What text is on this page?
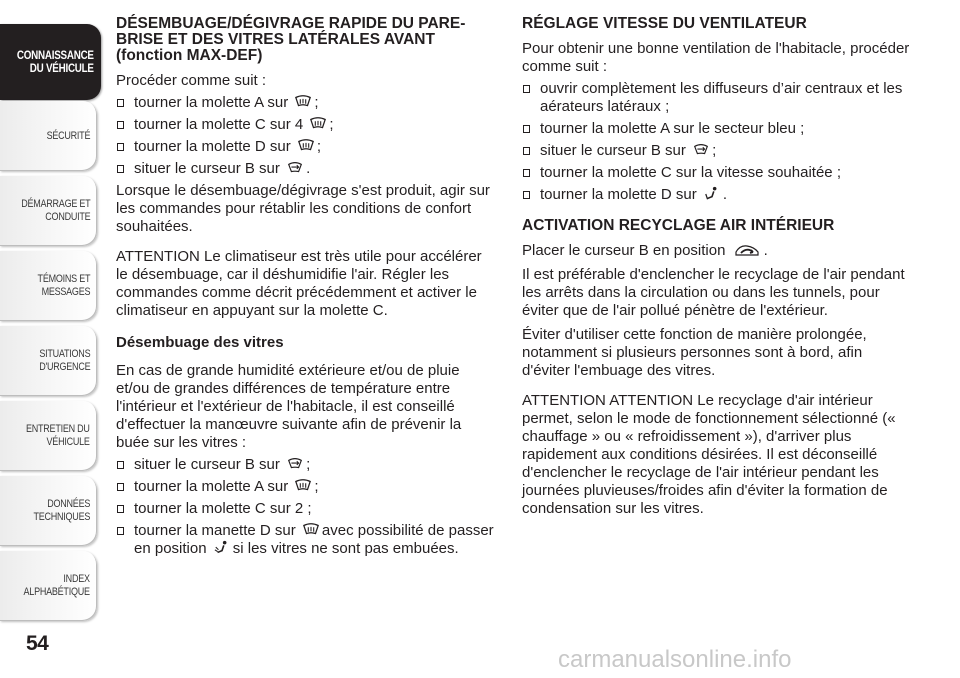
CONNAISSANCE
DU VÉHICULE
SÉCURITÉ
DÉMARRAGE ET
CONDUITE
TÉMOINS ET
MESSAGES
SITUATIONS
D'URGENCE
ENTRETIEN DU
VÉHICULE
DONNÉES
TECHNIQUES
INDEX
ALPHABÉTIQUE
54
DÉSEMBUAGE/DÉGIVRAGE RAPIDE DU PARE-BRISE ET DES VITRES LATÉRALES AVANT (fonction MAX-DEF)

Procéder comme suit :

tourner la molette A sur ;
tourner la molette C sur 4 ;
tourner la molette D sur ;
situer le curseur B sur .

Lorsque le désembuage/dégivrage s'est produit, agir sur les commandes pour rétablir les conditions de confort souhaitées.

ATTENTION Le climatiseur est très utile pour accélérer le désembuage, car il déshumidifie l'air. Régler les commandes comme décrit précédemment et activer le climatiseur en appuyant sur la molette C.

Désembuage des vitres

En cas de grande humidité extérieure et/ou de pluie et/ou de grandes différences de température entre l'intérieur et l'extérieur de l'habitacle, il est conseillé d'effectuer la manœuvre suivante afin de prévenir la buée sur les vitres :

situer le curseur B sur ;
tourner la molette A sur ;
tourner la molette C sur 2 ;
tourner la manette D sur avec possibilité de passer en position si les vitres ne sont pas embuées.
RÉGLAGE VITESSE DU VENTILATEUR

Pour obtenir une bonne ventilation de l'habitacle, procéder comme suit :

ouvrir complètement les diffuseurs d’air centraux et les aérateurs latéraux ;
tourner la molette A sur le secteur bleu ;
situer le curseur B sur ;
tourner la molette C sur la vitesse souhaitée ;
tourner la molette D sur .
ACTIVATION RECYCLAGE AIR INTÉRIEUR

Placer le curseur B en position	.

Il est préférable d'enclencher le recyclage de l'air pendant les arrêts dans la circulation ou dans les tunnels, pour éviter que de l'air pollué pénètre de l'extérieur.

Éviter d'utiliser cette fonction de manière prolongée, notamment si plusieurs personnes sont à bord, afin d'éviter l'embuage des vitres.

ATTENTION ATTENTION Le recyclage d'air intérieur permet, selon le mode de fonctionnement sélectionné (« chauffage » ou « refroidissement »), d'arriver plus rapidement aux conditions désirées. Il est déconseillé d'enclencher le recyclage de l'air intérieur pendant les journées pluvieuses/froides afin d'éviter la formation de condensation sur les vitres.

carmanualsonline.info
